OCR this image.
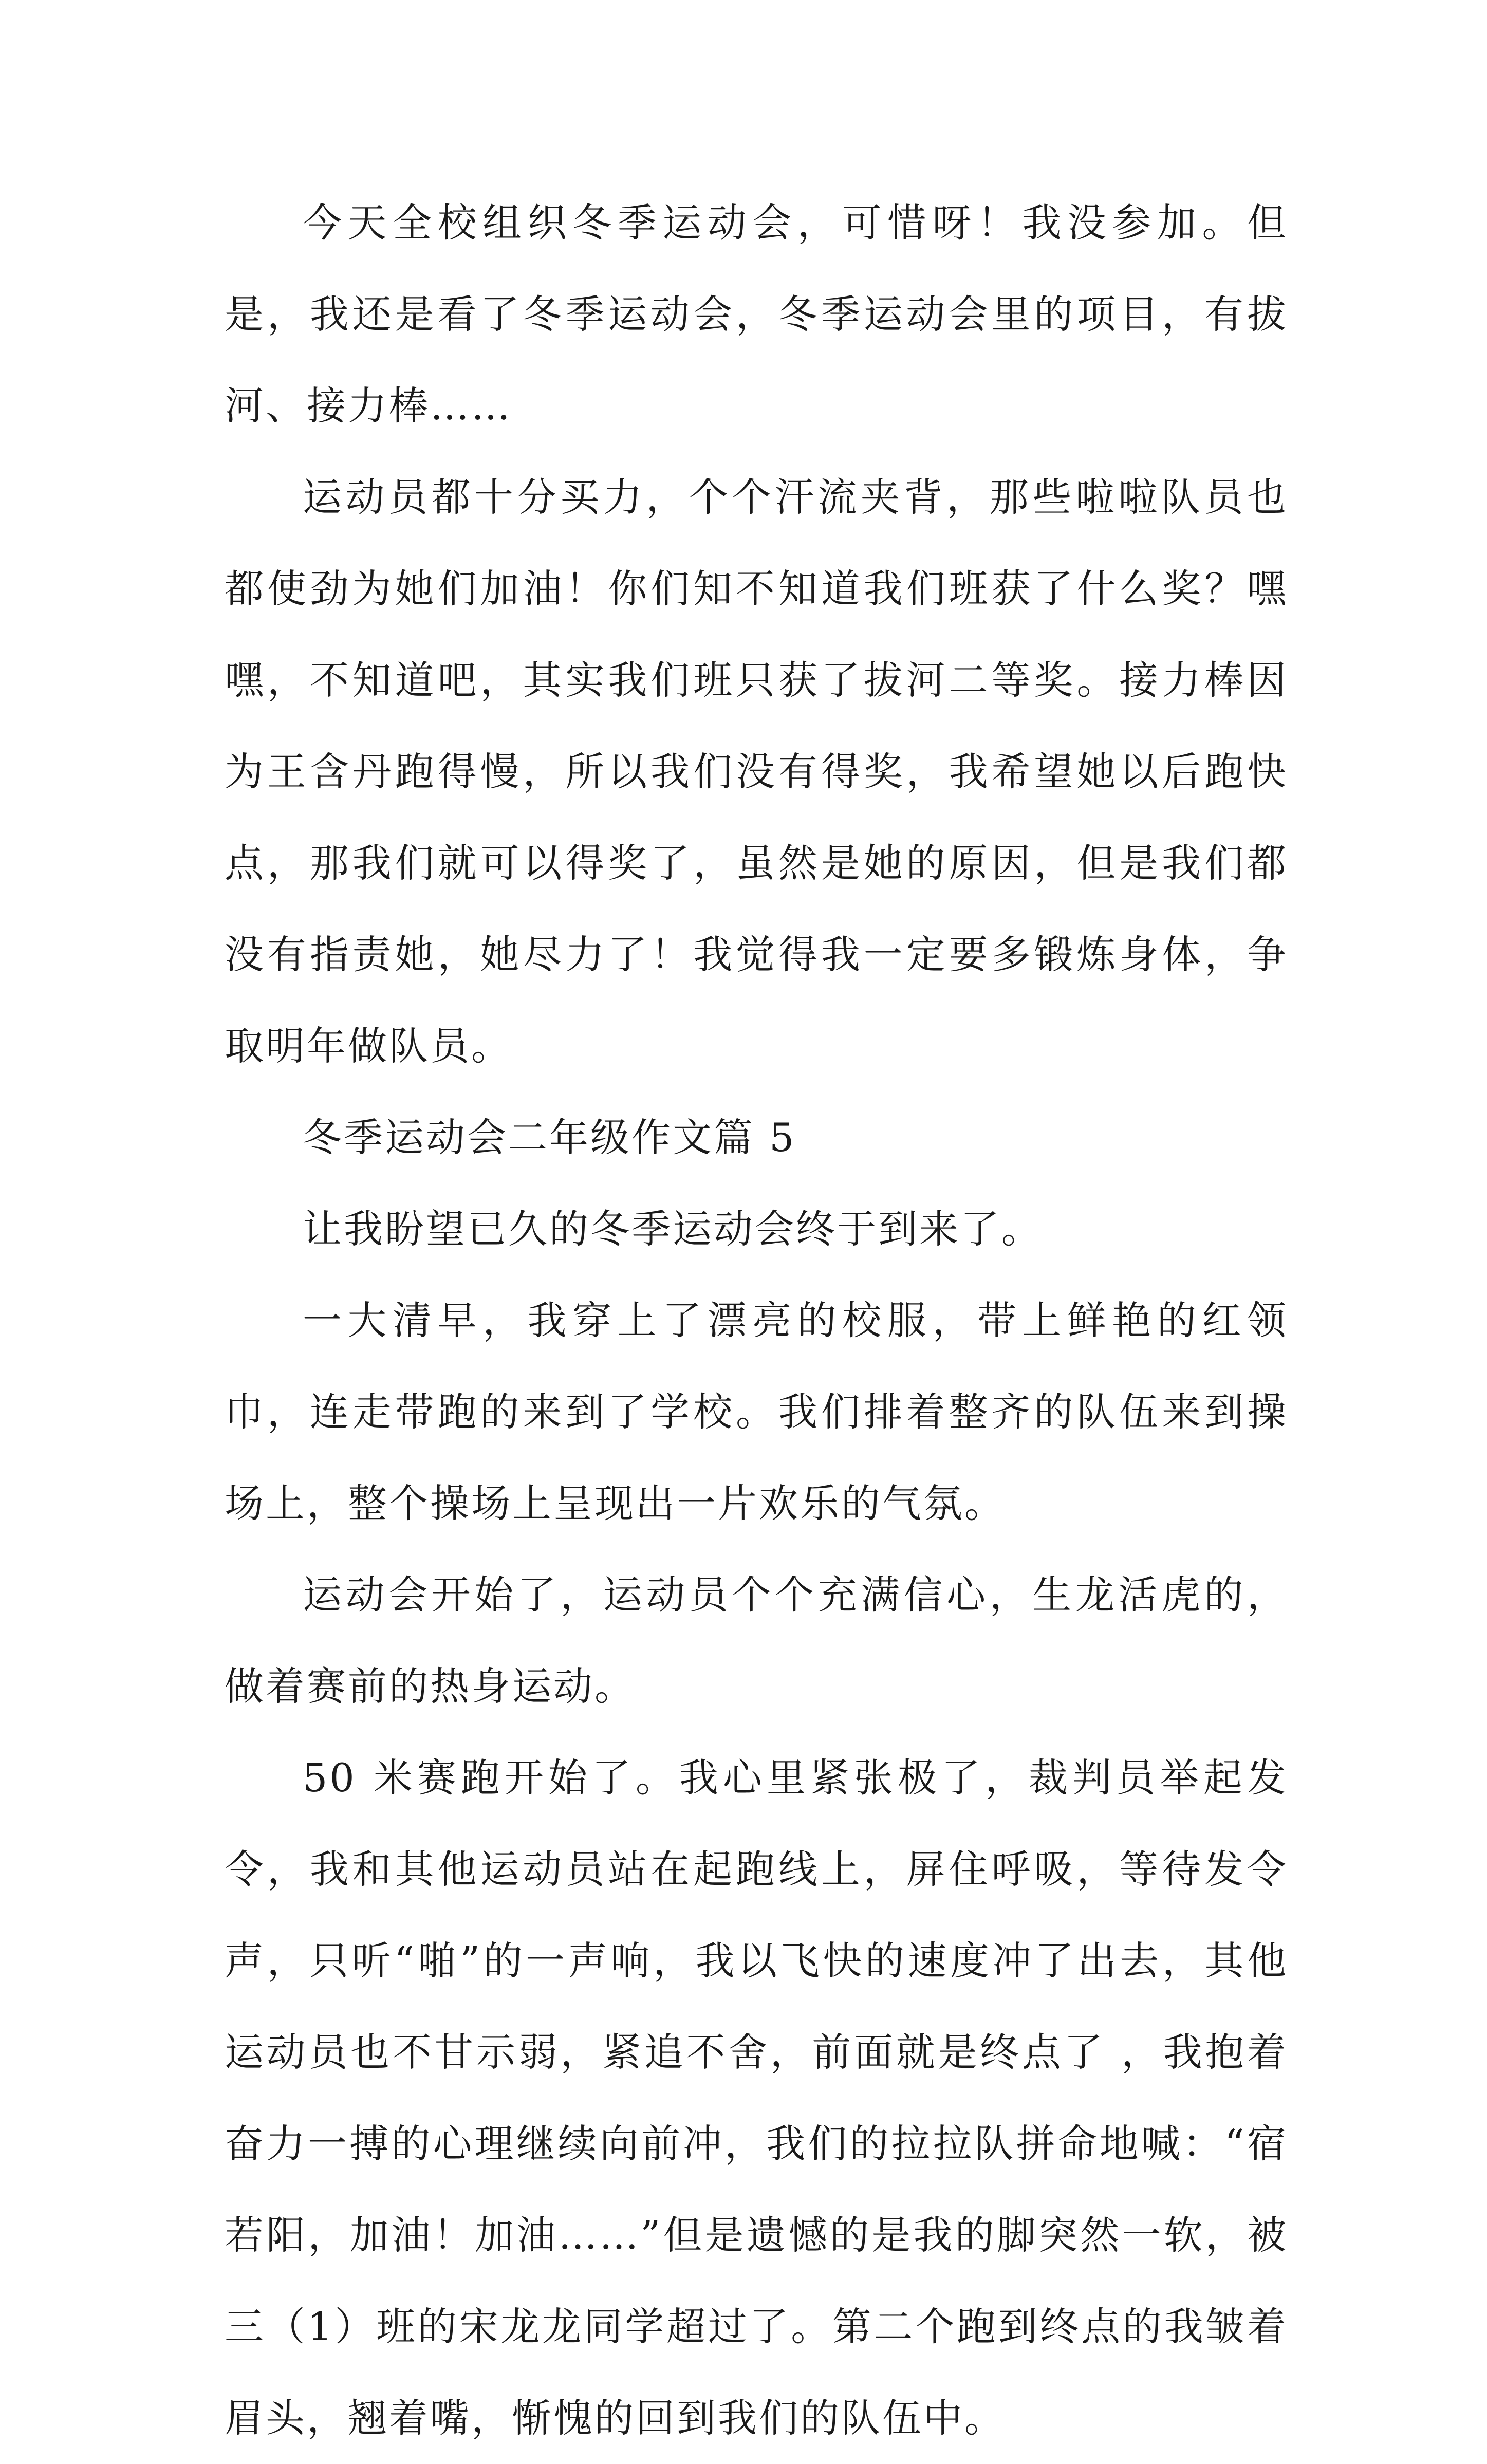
今天全校组织冬季运动会，可惜呀！我没参加。但是，我还是看了冬季运动会，冬季运动会里的项目，有拔河、接力棒……

运动员都十分买力，个个汗流夹背，那些啦啦队员也都使劲为她们加油！你们知不知道我们班获了什么奖？嘿嘿，不知道吧，其实我们班只获了拔河二等奖。接力棒因为王含丹跑得慢，所以我们没有得奖，我希望她以后跑快点，那我们就可以得奖了，虽然是她的原因，但是我们都没有指责她，她尽力了！我觉得我一定要多锻炼身体，争取明年做队员。

冬季运动会二年级作文篇 5

让我盼望已久的冬季运动会终于到来了。

一大清早，我穿上了漂亮的校服，带上鲜艳的红领巾，连走带跑的来到了学校。我们排着整齐的队伍来到操场上，整个操场上呈现出一片欢乐的气氛。

运动会开始了，运动员个个充满信心，生龙活虎的，做着赛前的热身运动。

50 米赛跑开始了。我心里紧张极了，裁判员举起发令，我和其他运动员站在起跑线上，屏住呼吸，等待发令声，只听“啪”的一声响，我以飞快的速度冲了出去，其他运动员也不甘示弱，紧追不舍，前面就是终点了 ，我抱着奋力一搏的心理继续向前冲，我们的拉拉队拼命地喊：“宿若阳，加油！加油……”但是遗憾的是我的脚突然一软，被三（1）班的宋龙龙同学超过了。第二个跑到终点的我皱着眉头，翘着嘴，惭愧的回到我们的队伍中。
